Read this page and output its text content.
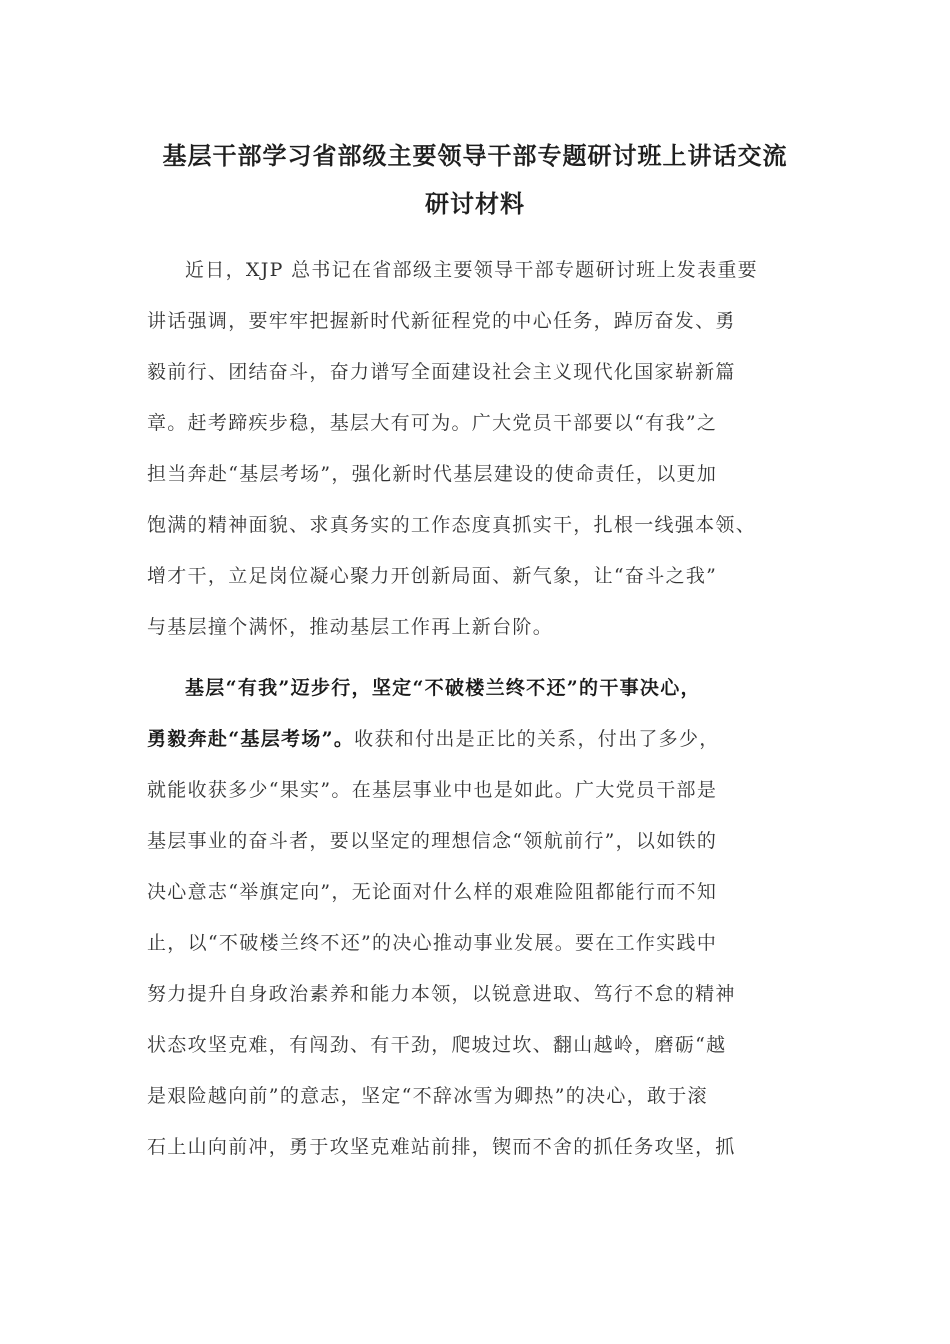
基层干部学习省部级主要领导干部专题研讨班上讲话交流
研讨材料
近日，XJP 总书记在省部级主要领导干部专题研讨班上发表重要
讲话强调，要牢牢把握新时代新征程党的中心任务，踔厉奋发、勇
毅前行、团结奋斗，奋力谱写全面建设社会主义现代化国家崭新篇
章。赶考蹄疾步稳，基层大有可为。广大党员干部要以“有我”之
担当奔赴“基层考场”，强化新时代基层建设的使命责任，以更加
饱满的精神面貌、求真务实的工作态度真抓实干，扎根一线强本领、
增才干，立足岗位凝心聚力开创新局面、新气象，让“奋斗之我”
与基层撞个满怀，推动基层工作再上新台阶。
基层“有我”迈步行，坚定“不破楼兰终不还”的干事决心，
勇毅奔赴“基层考场”。收获和付出是正比的关系，付出了多少，
就能收获多少“果实”。在基层事业中也是如此。广大党员干部是
基层事业的奋斗者，要以坚定的理想信念“领航前行”，以如铁的
决心意志“举旗定向”，无论面对什么样的艰难险阻都能行而不知
止，以“不破楼兰终不还”的决心推动事业发展。要在工作实践中
努力提升自身政治素养和能力本领，以锐意进取、笃行不怠的精神
状态攻坚克难，有闯劲、有干劲，爬坡过坎、翻山越岭，磨砺“越
是艰险越向前”的意志，坚定“不辞冰雪为卿热”的决心，敢于滚
石上山向前冲，勇于攻坚克难站前排，锲而不舍的抓任务攻坚，抓
